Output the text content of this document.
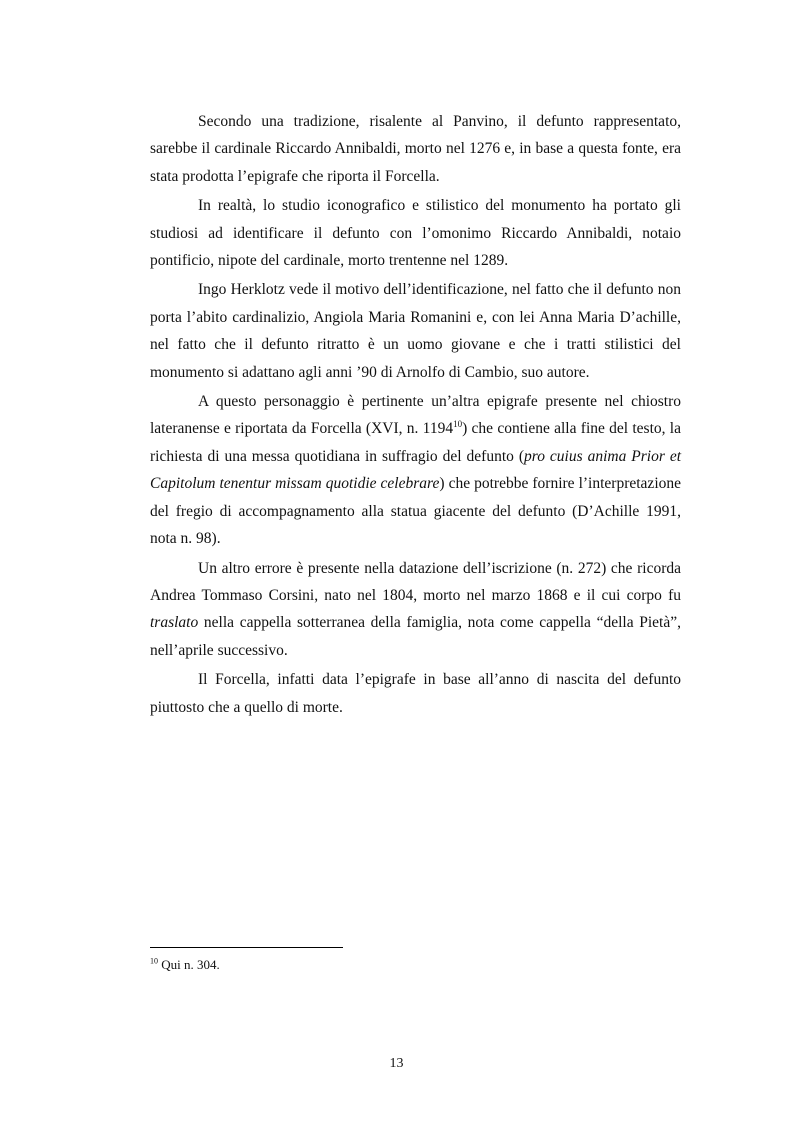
Secondo una tradizione, risalente al Panvino, il defunto rappresentato, sarebbe il cardinale Riccardo Annibaldi, morto nel 1276 e, in base a questa fonte, era stata prodotta l’epigrafe che riporta il Forcella.

In realtà, lo studio iconografico e stilistico del monumento ha portato gli studiosi ad identificare il defunto con l’omonimo Riccardo Annibaldi, notaio pontificio, nipote del cardinale, morto trentenne nel 1289.

Ingo Herklotz vede il motivo dell’identificazione, nel fatto che il defunto non porta l’abito cardinalizio, Angiola Maria Romanini e, con lei Anna Maria D’achille, nel fatto che il defunto ritratto è un uomo giovane e che i tratti stilistici del monumento si adattano agli anni ’90 di Arnolfo di Cambio, suo autore.

A questo personaggio è pertinente un’altra epigrafe presente nel chiostro lateranense e riportata da Forcella (XVI, n. 1194$^{10}$) che contiene alla fine del testo, la richiesta di una messa quotidiana in suffragio del defunto (pro cuius anima Prior et Capitolum tenentur missam quotidie celebrare) che potrebbe fornire l’interpretazione del fregio di accompagnamento alla statua giacente del defunto (D’Achille 1991, nota n. 98).

Un altro errore è presente nella datazione dell’iscrizione (n. 272) che ricorda Andrea Tommaso Corsini, nato nel 1804, morto nel marzo 1868 e il cui corpo fu traslato nella cappella sotterranea della famiglia, nota come cappella “della Pietà”, nell’aprile successivo.

Il Forcella, infatti data l’epigrafe in base all’anno di nascita del defunto piuttosto che a quello di morte.

$^{10}$ Qui n. 304.
13
